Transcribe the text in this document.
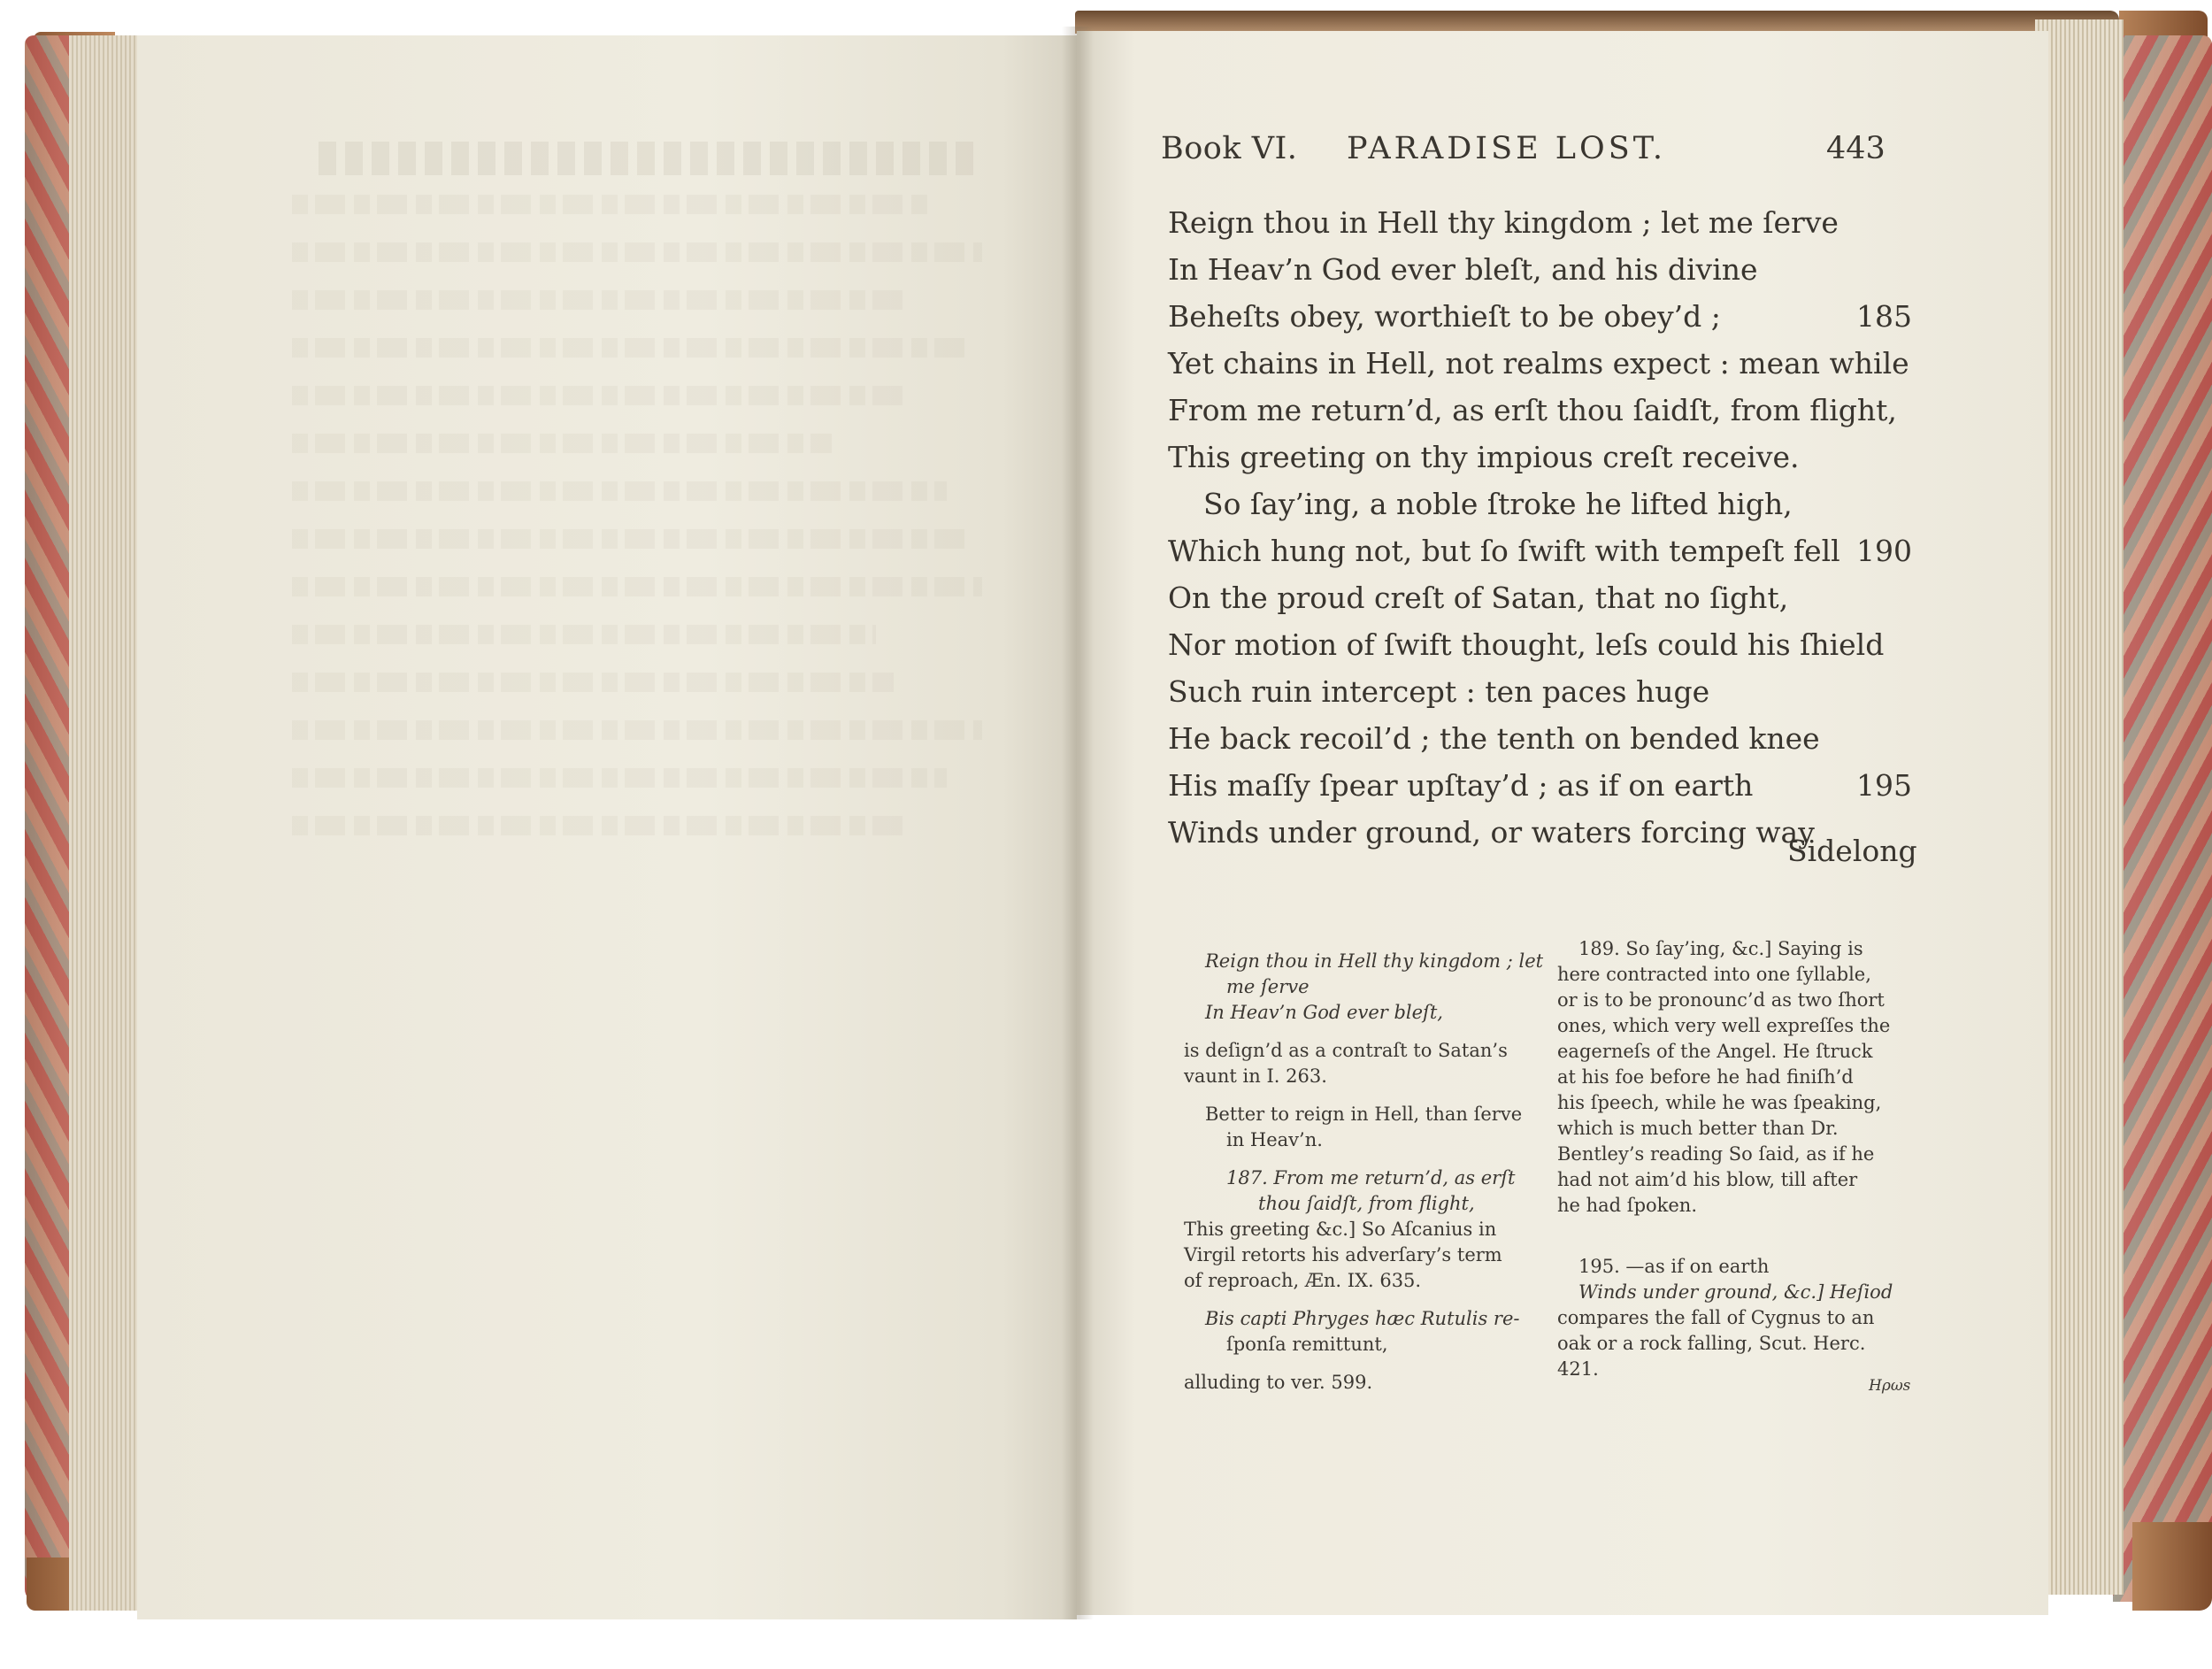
Book VI. PARADISE LOST.	443
Reign thou in Hell thy kingdom ; let me ſerve
In Heav’n God ever bleſt, and his divine
Beheſts obey, worthieſt to be obey’d ;	185
Yet chains in Hell, not realms expect : mean while
From me return’d, as erſt thou ſaidſt, from flight,
This greeting on thy impious creſt receive.
So ſay’ing, a noble ſtroke he lifted high,
Which hung not, but ſo ſwift with tempeſt fell 190
On the proud creſt of Satan, that no ſight,
Nor motion of ſwift thought, leſs could his ſhield
Such ruin intercept : ten paces huge
He back recoil’d ; the tenth on bended knee
His maſſy ſpear upſtay’d ; as if on earth	195
Winds under ground, or waters forcing way
Sidelong

Reign thou in Hell thy kingdom ; let

me ſerve

In Heav’n God ever bleſt,

is deſign’d as a contraſt to Satan’s

vaunt in I. 263.

Better to reign in Hell, than ſerve

in Heav’n.

187. From me return’d, as erſt

thou ſaidſt, from flight,

This greeting &c.] So Aſcanius in

Virgil retorts his adverſary’s term

of reproach, Æn. IX. 635.

Bis capti Phryges hæc Rutulis re-

ſponſa remittunt,

alluding to ver. 599.

189. So ſay’ing, &c.] Saying is

here contracted into one ſyllable,

or is to be pronounc’d as two ſhort

ones, which very well expreſſes the

eagerneſs of the Angel. He ſtruck

at his foe before he had finiſh’d

his ſpeech, while he was ſpeaking,

which is much better than Dr.

Bentley’s reading So ſaid, as if he

had not aim’d his blow, till after

he had ſpoken.

195. —as if on earth

Winds under ground, &c.] Heſiod

compares the fall of Cygnus to an

oak or a rock falling, Scut. Herc.

421.

Hρωs
